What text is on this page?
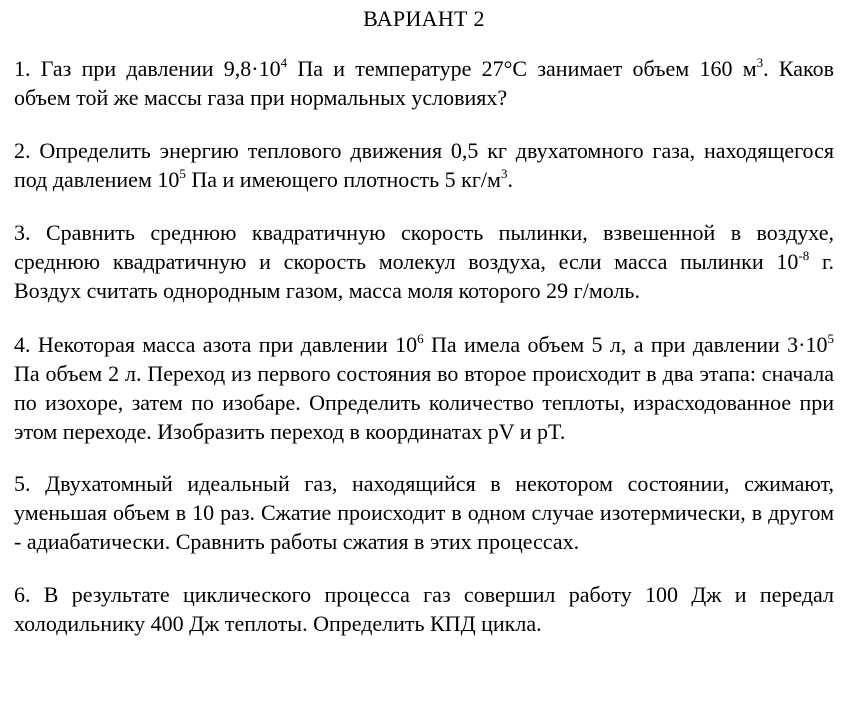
ВАРИАНТ 2

1. Газ при давлении $9,8\cdot 10^4$ Па и температуре 27°С занимает объем 160 $м^3$. Каков объем той же массы газа при нормальных условиях?

2. Определить энергию теплового движения 0,5 кг двухатомного газа, находящегося под давлением $10^5$ Па и имеющего плотность 5 $кг/м^3$.

3. Сравнить среднюю квадратичную скорость пылинки, взвешенной в воздухе, среднюю квадратичную и скорость молекул воздуха, если масса пылинки $10^{-8}$ г. Воздух считать однородным газом, масса моля которого 29 г/моль.

4. Некоторая масса азота при давлении $10^6$ Па имела объем 5 л, а при давлении $3\cdot 10^5$ Па объем 2 л. Переход из первого состояния во второе происходит в два этапа: сначала по изохоре, затем по изобаре. Определить количество теплоты, израсходованное при этом переходе. Изобразить переход в координатах pV и pT.

5. Двухатомный идеальный газ, находящийся в некотором состоянии, сжимают, уменьшая объем в 10 раз. Сжатие происходит в одном случае изотермически, в другом - адиабатически. Сравнить работы сжатия в этих процессах.

6. В результате циклического процесса газ совершил работу 100 Дж и передал холодильнику 400 Дж теплоты. Определить КПД цикла.
